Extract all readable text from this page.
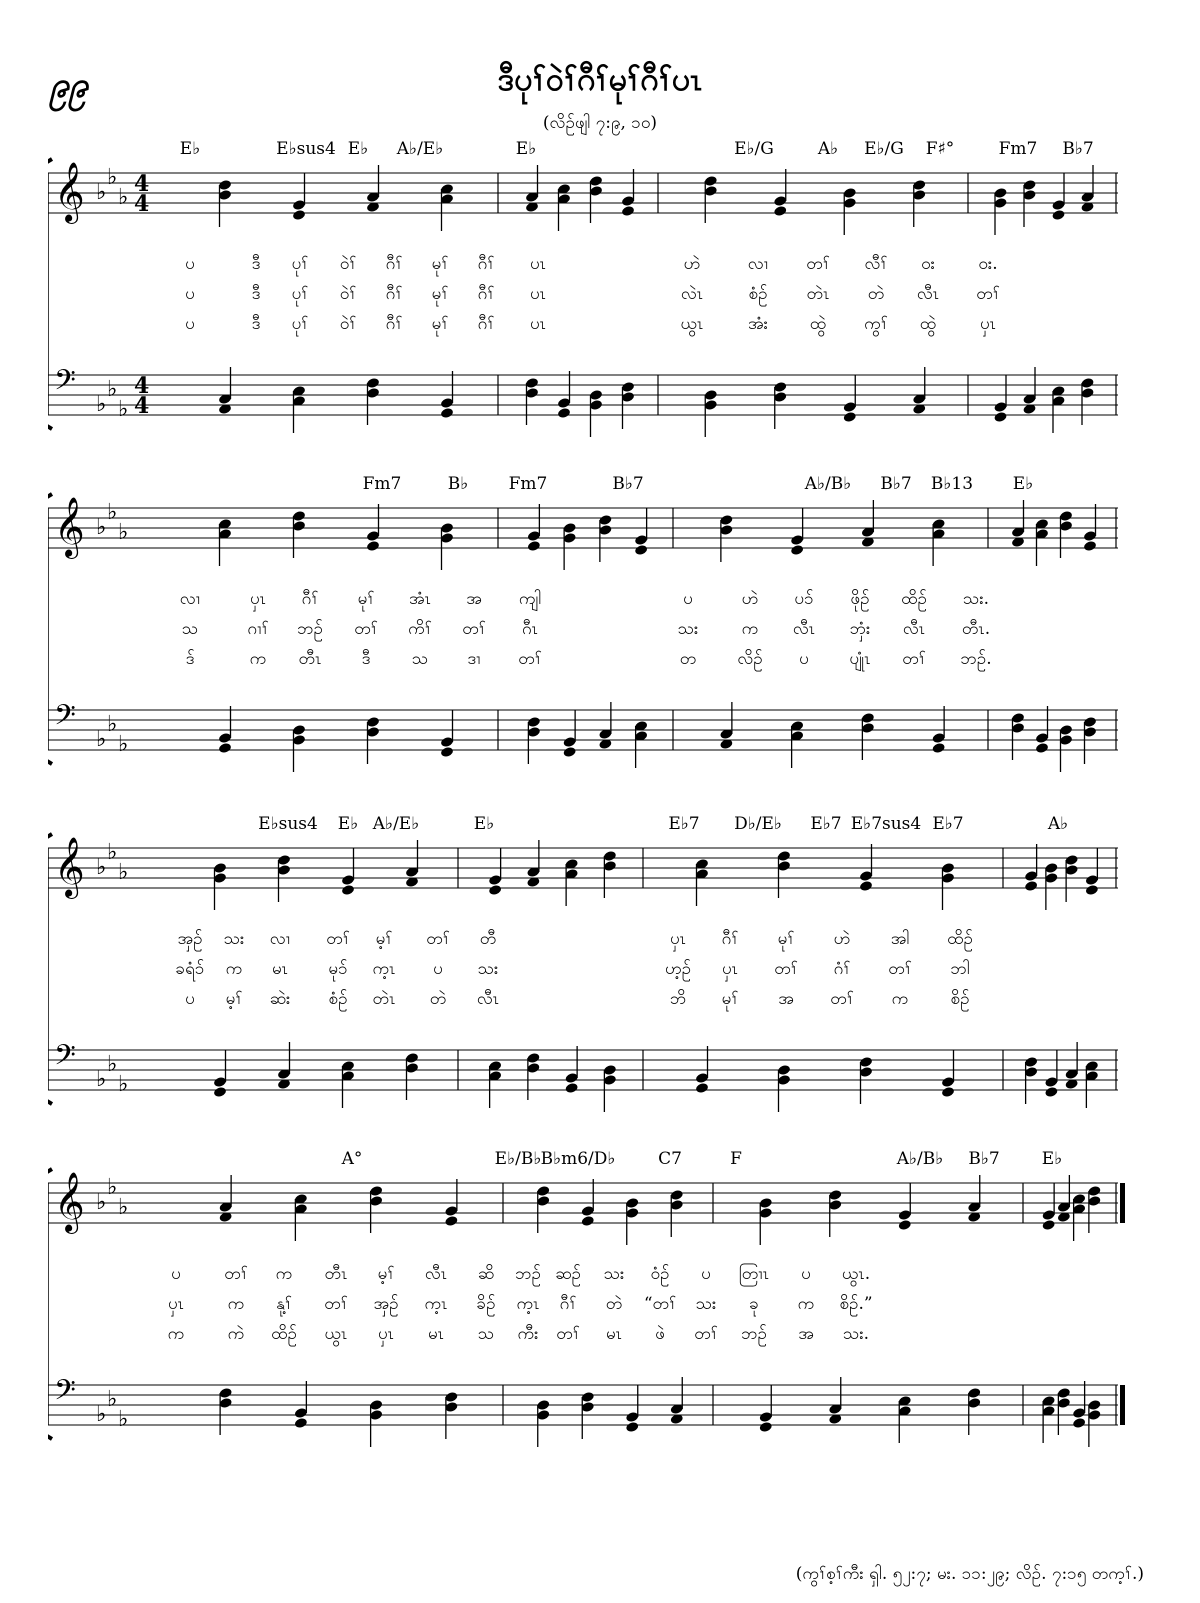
၉၉	ဒီပုၢ်ဝဲၢ်ဂီၢ်မုၢ်ဂီၢ်ပၤ
(လိဉ်ဖျါ ၇:၉, ၁၀)
𝄞 ♭
♭
♭
𝄢
♭
♭
♭
4
4
4
4
E♭	E♭sus4 E♭ A♭/E♭	E♭	E♭/G	A♭ E♭/G F♯°	Fm7 B♭7
ပ	ဒီ ပုၢ် ဝဲၢ် ဂီၢ် မုၢ် ဂီၢ် ပၤ	ဟဲ	လၢ တၢ် လီၢ် ဝး	ဝး.
ပ	ဒီ ပုၢ် ဝဲၢ် ဂီၢ် မုၢ် ဂီၢ် ပၤ	လဲၤ	စံဉ် တဲၤ တဲ လီၤ တၢ်
ပ	ဒီ ပုၢ် ဝဲၢ် ဂီၢ် မုၢ် ဂီၢ် ပၤ	ယွၤ	အံး ထွဲ ကွၢ် ထွဲ	ပှၤ
𝄞 ♭
♭
♭
𝄢
♭
♭
♭
Fm7	B♭ Fm7	B♭7	A♭/B♭ B♭7 B♭13 E♭
လၢ	ပှၤ ဂီၢ် မုၢ် အံၤ အ ကျါ	ပ	ဟဲ ပၥ် ဖိုဉ် ထိဉ် သး.
သ	ဂၢၢ် ဘဉ် တၢ် ကိၢ် တၢ် ဂီၤ	သး	က လီၤ ဘှံး လီၤ တီၤ.
ဒ်	က တီၤ ဒီ သ ဒၢ တၢ်	တ လိဉ် ပ ပျုံၤ တၢ် ဘဉ်.
𝄞 ♭
♭
♭
𝄢
♭
♭
♭
E♭sus4 E♭ A♭/E♭	E♭	E♭7 D♭/E♭ E♭7 E♭7sus4 E♭7	A♭
အှဉ် သး လၢ တၢ် မ့ၢ် တၢ် တီ	ပှၤ ဂီၢ် မုၢ် ဟဲ အါ ထိဉ်
ခရံၥ် က မၤ မုၥ် က့ၤ ပ သး	ဟ့ဉ် ပှၤ တၢ် ဂံၢ် တၢ် ဘါ
ပ မ့ၢ် ဆဲး စံဉ် တဲၤ တဲ လီၤ	ဘိ မုၢ် အ တၢ် က စိဉ်
𝄞 ♭
♭
♭
𝄢
♭
♭
♭
A°	E♭/B♭ B♭m6/D♭	C7	F	A♭/B♭ B♭7 E♭
ပ	တၢ် က တီၤ မ့ၢ် လီၤ ဆိ ဘဉ် ဆဉ် သး ဝံဉ် ပ တြၢၤ ပ ယွၤ.
ပှၤ	က နု့ၢ် တၢ် အှဉ် က့ၤ ခိဉ် က့ၤ ဂီၢ် တဲ “တၢ် သး ခု က စိဉ်.”
က	ကဲ ထိဉ် ယွၤ ပှၤ မၤ သ ကီး တၢ် မၤ ဖဲ တၢ် ဘဉ် အ သး.
(ကွၢ်စ့ၢ်ကီး ရှါ. ၅၂:၇; မး. ၁၁:၂၉; လိဉ်. ၇:၁၅ တက့ၢ်.)
